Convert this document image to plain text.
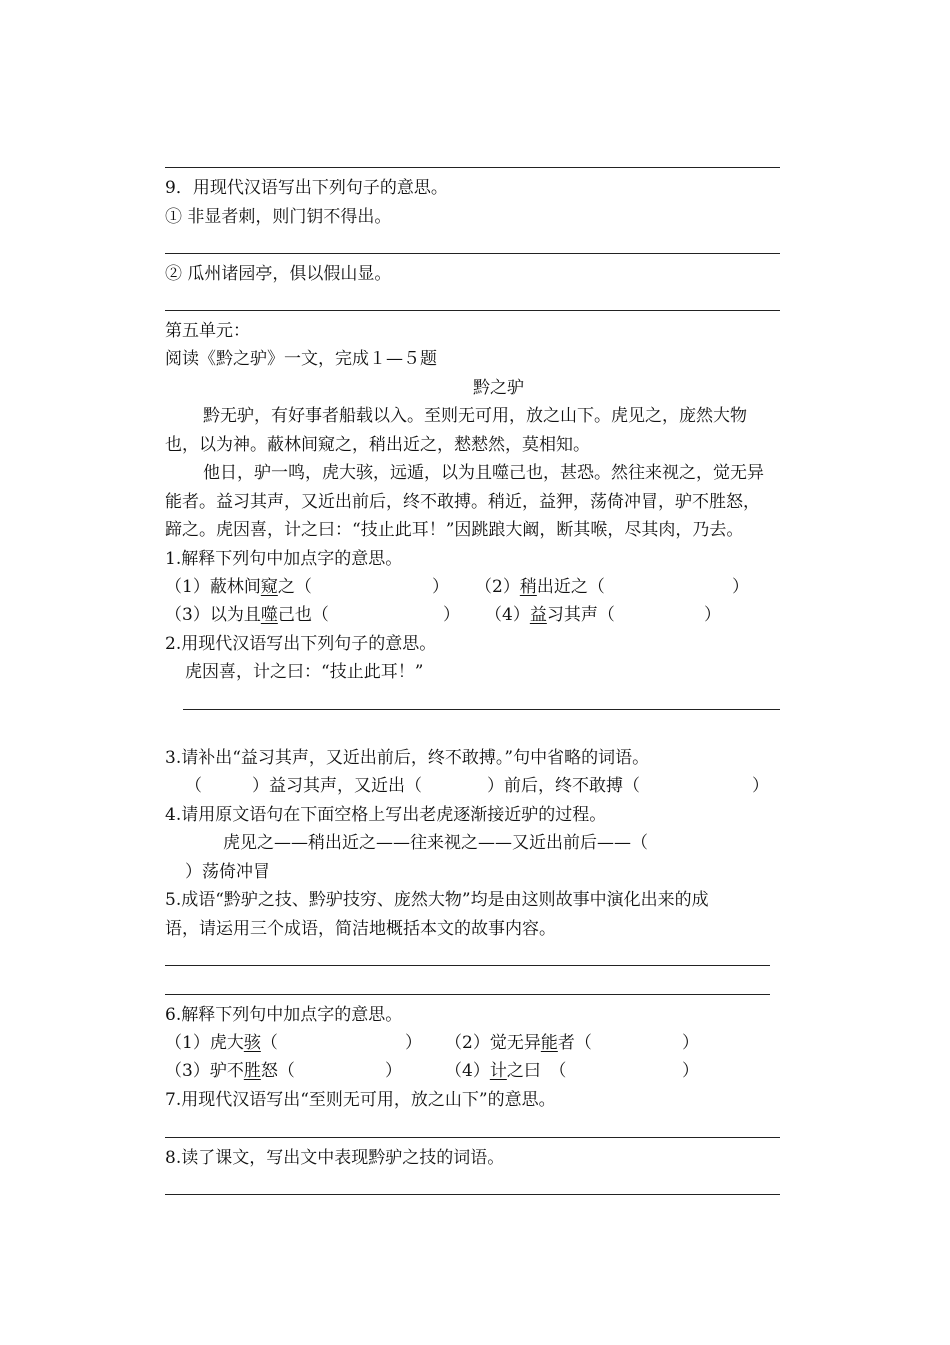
9．用现代汉语写出下列句子的意思。
① 非显者刺，则门钥不得出。
② 瓜州诸园亭，俱以假山显。
第五单元：
阅读《黔之驴》一文，完成１—５题
黔之驴
黔无驴，有好事者船载以入。至则无可用，放之山下。虎见之，庞然大物
也，以为神。蔽林间窥之，稍出近之，慭慭然，莫相知。
他日，驴一鸣，虎大骇，远遁，以为且噬己也，甚恐。然往来视之，觉无异
能者。益习其声，又近出前后，终不敢搏。稍近，益狎，荡倚冲冒，驴不胜怒，
蹄之。虎因喜，计之曰：“技止此耳！”因跳踉大阚，断其喉，尽其肉，乃去。
1.解释下列句中加点字的意思。
（1）蔽林间窥之（	） （2）稍出近之（	）
（3）以为且噬己也（	） （4）益习其声（	）
2.用现代汉语写出下列句子的意思。
虎因喜，计之曰：“技止此耳！”
3.请补出“益习其声，又近出前后，终不敢搏。”句中省略的词语。
（	）益习其声，又近出（	）前后，终不敢搏（	）
4.请用原文语句在下面空格上写出老虎逐渐接近驴的过程。
虎见之——稍出近之——往来视之——又近出前后——（
）荡倚冲冒
5.成语“黔驴之技、黔驴技穷、庞然大物”均是由这则故事中演化出来的成
语，请运用三个成语，简洁地概括本文的故事内容。
6.解释下列句中加点字的意思。
（1）虎大骇（	） （2）觉无异能者（	）
（3）驴不胜怒（	）	（4）计之曰　（	）
7.用现代汉语写出“至则无可用，放之山下”的意思。
8.读了课文，写出文中表现黔驴之技的词语。
